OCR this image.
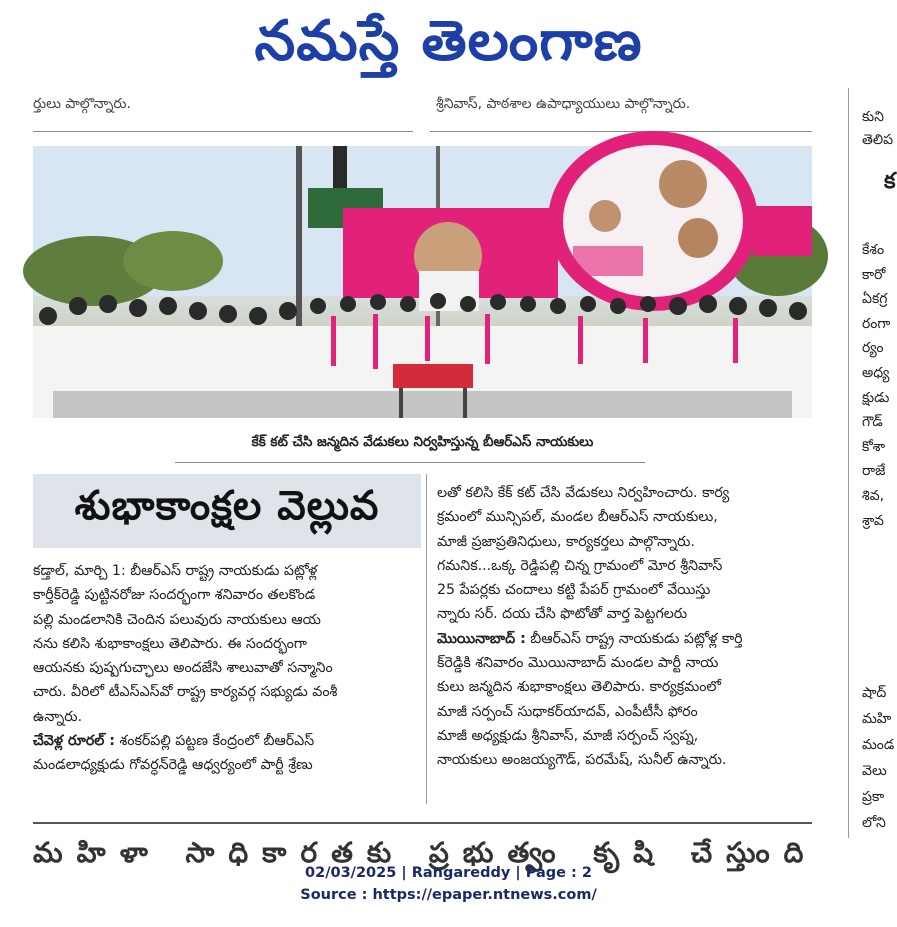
నమస్తే తెలంగాణ
ర్తులు పాల్గొన్నారు.	శ్రీనివాస్, పాఠశాల ఉపాధ్యాయులు పాల్గొన్నారు.
కేక్ కట్ చేసి జన్మదిన వేడుకలు నిర్వహిస్తున్న బీఆర్ఎస్ నాయకులు
శుభాకాంక్షల వెల్లువ

కడ్తాల్, మార్చి 1: బీఆర్ఎస్ రాష్ట్ర నాయకుడు పట్లోళ్ల

కార్తీక్‌రెడ్డి పుట్టినరోజు సందర్భంగా శనివారం తలకొండ

పల్లి మండలానికి చెందిన పలువురు నాయకులు ఆయ

నను కలిసి శుభాకాంక్షలు తెలిపారు. ఈ సందర్భంగా

ఆయనకు పుష్పగుచ్ఛాలు అందజేసి శాలువాతో సన్మానిం

చారు. వీరిలో టీఎస్ఎస్‌వో రాష్ట్ర కార్యవర్గ సభ్యుడు వంశీ

ఉన్నారు.

చేవెళ్ల రూరల్ : శంకర్‌పల్లి పట్టణ కేంద్రంలో బీఆర్ఎస్

మండలాధ్యక్షుడు గోవర్ధన్‌రెడ్డి ఆధ్వర్యంలో పార్టీ శ్రేణు

లతో కలిసి కేక్ కట్ చేసి వేడుకలు నిర్వహించారు. కార్య

క్రమంలో మున్సిపల్, మండల బీఆర్ఎస్ నాయకులు,

మాజీ ప్రజాప్రతినిధులు, కార్యకర్తలు పాల్గొన్నారు.

గమనిక...ఒక్క రెడ్డిపల్లి చిన్న గ్రామంలో మోర శ్రీనివాస్

25 పేపర్లకు చందాలు కట్టి పేపర్ గ్రామంలో వేయిస్తు

న్నారు సర్. దయ చేసి ఫొటోతో వార్త పెట్టగలరు

మొయినాబాద్ : బీఆర్ఎస్ రాష్ట్ర నాయకుడు పట్లోళ్ల కార్తి

క్‌రెడ్డికి శనివారం మొయినాబాద్ మండల పార్టీ నాయ

కులు జన్మదిన శుభాకాంక్షలు తెలిపారు. కార్యక్రమంలో

మాజీ సర్పంచ్ సుధాకర్‌యాదవ్, ఎంపీటీసీ ఫోరం

మాజీ అధ్యక్షుడు శ్రీనివాస్, మాజీ సర్పంచ్ స్వప్న,

నాయకులు అంజయ్యగౌడ్, పరమేష్, సునీల్ ఉన్నారు.

కుని

తెలిప

క

కేశం

కారో

ఏకగ్ర

రంగా

ర్యం

అధ్య

క్షుడు

గౌడ్

కోశా

రాజే

శివ,

శ్రావ

షాద్

మహి

మండ

వెలు

ప్రకా

లోని

మహిళా సాధికారతకు ప్రభుత్వం కృషి చేస్తుంది
02/03/2025 | Rangareddy | Page : 2
Source : https://epaper.ntnews.com/
